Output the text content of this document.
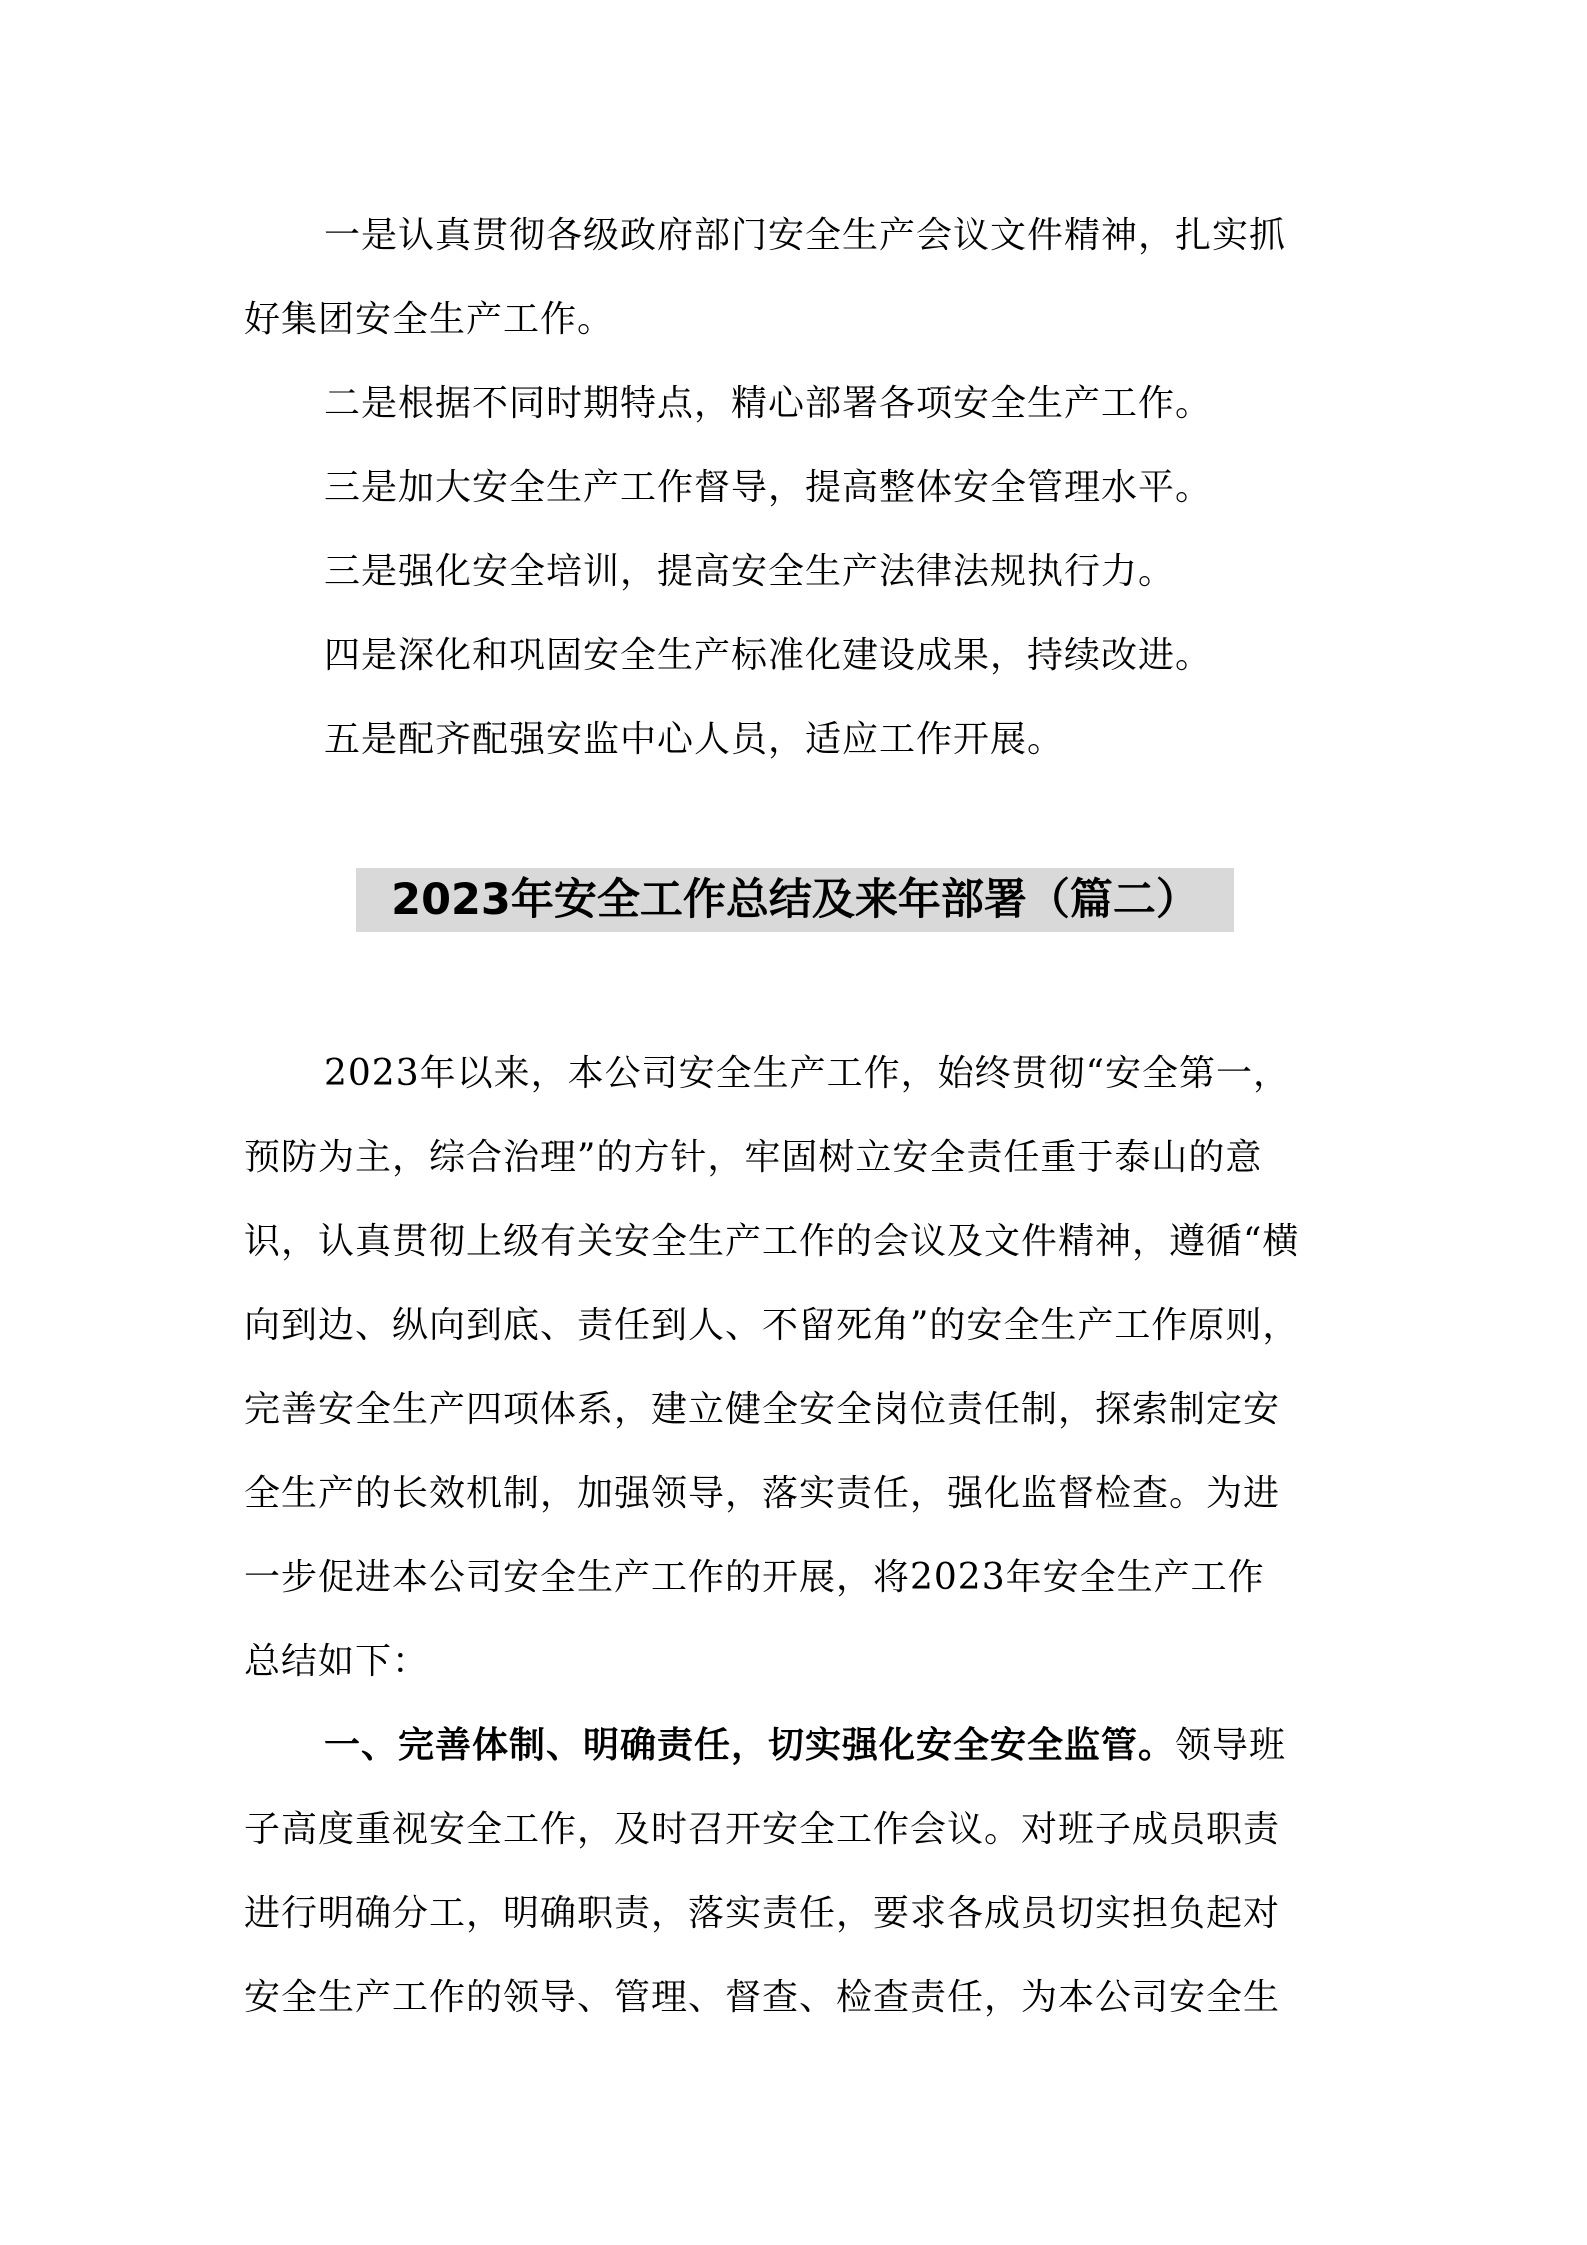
一是认真贯彻各级政府部门安全生产会议文件精神，扎实抓
好集团安全生产工作。
二是根据不同时期特点，精心部署各项安全生产工作。
三是加大安全生产工作督导，提高整体安全管理水平。
三是强化安全培训，提高安全生产法律法规执行力。
四是深化和巩固安全生产标准化建设成果，持续改进。
五是配齐配强安监中心人员，适应工作开展。
2023年安全工作总结及来年部署（篇二）
2023年以来，本公司安全生产工作，始终贯彻“安全第一，
预防为主，综合治理”的方针，牢固树立安全责任重于泰山的意
识，认真贯彻上级有关安全生产工作的会议及文件精神，遵循“横
向到边、纵向到底、责任到人、不留死角”的安全生产工作原则，
完善安全生产四项体系，建立健全安全岗位责任制，探索制定安
全生产的长效机制，加强领导，落实责任，强化监督检查。为进
一步促进本公司安全生产工作的开展，将2023年安全生产工作
总结如下：
一、完善体制、明确责任，切实强化安全安全监管。领导班
子高度重视安全工作，及时召开安全工作会议。对班子成员职责
进行明确分工，明确职责，落实责任，要求各成员切实担负起对
安全生产工作的领导、管理、督查、检查责任，为本公司安全生
